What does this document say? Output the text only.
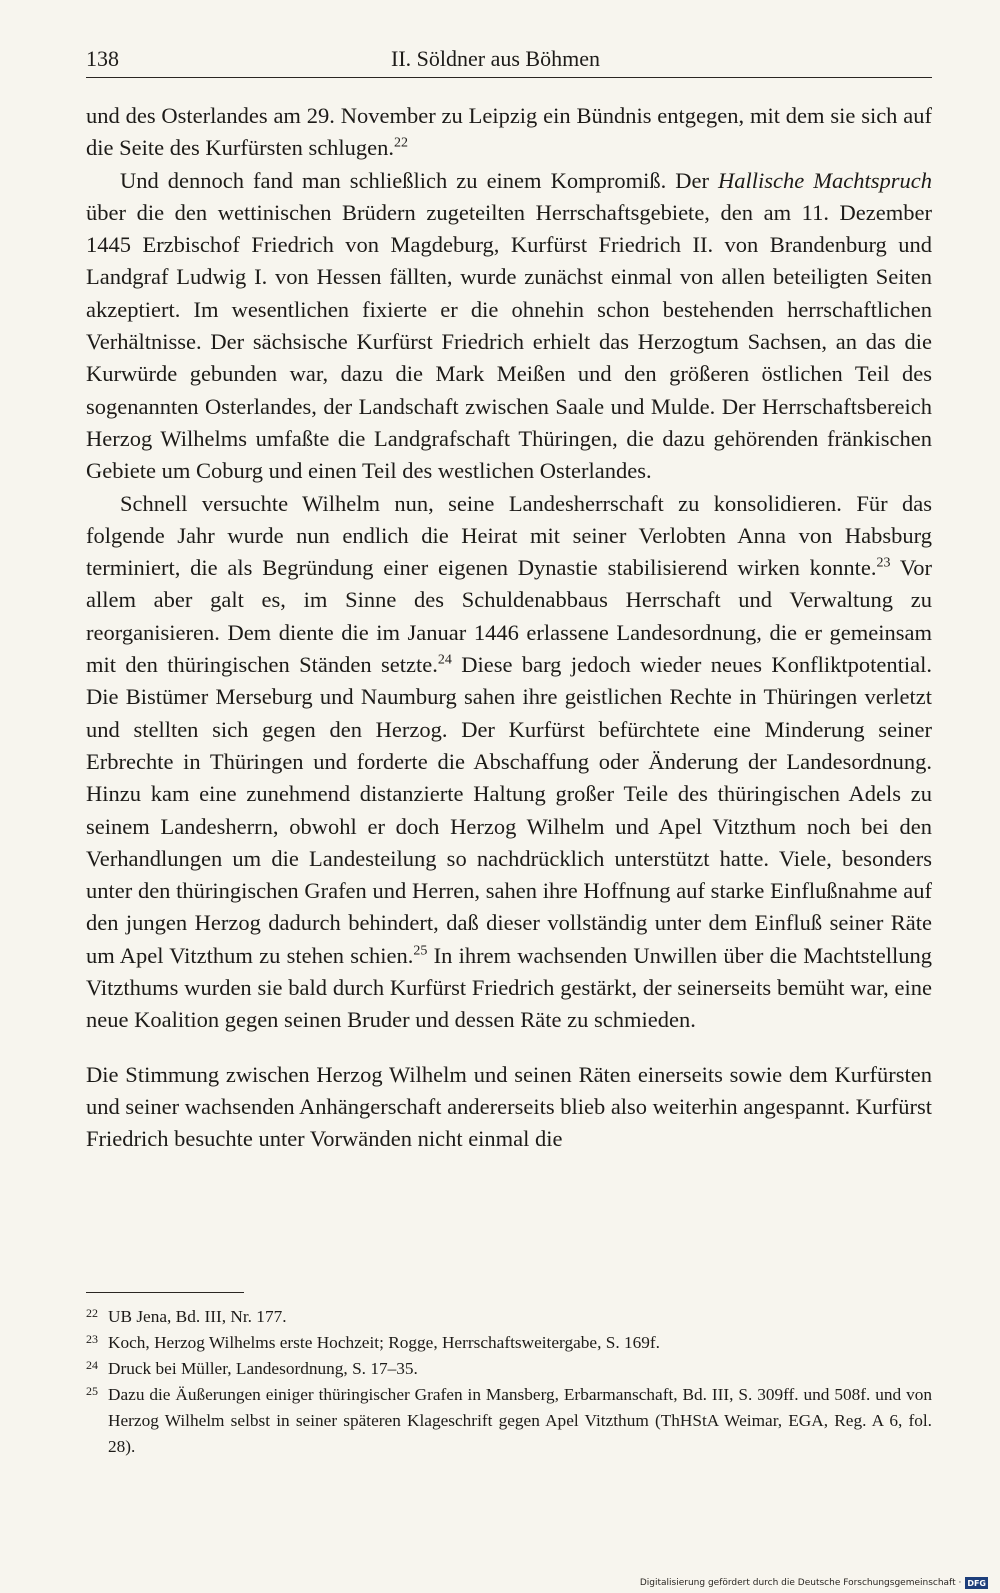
138	II. Söldner aus Böhmen

und des Osterlandes am 29. November zu Leipzig ein Bündnis entgegen, mit dem sie sich auf die Seite des Kurfürsten schlugen.$^{22}$

Und dennoch fand man schließlich zu einem Kompromiß. Der Hallische Machtspruch über die den wettinischen Brüdern zugeteilten Herrschaftsgebiete, den am 11. Dezember 1445 Erzbischof Friedrich von Magdeburg, Kurfürst Friedrich II. von Brandenburg und Landgraf Ludwig I. von Hessen fällten, wurde zunächst einmal von allen beteiligten Seiten akzeptiert. Im wesentlichen fixierte er die ohnehin schon bestehenden herrschaftlichen Verhältnisse. Der sächsische Kurfürst Friedrich erhielt das Herzogtum Sachsen, an das die Kurwürde gebunden war, dazu die Mark Meißen und den größeren östlichen Teil des sogenannten Osterlandes, der Landschaft zwischen Saale und Mulde. Der Herrschaftsbereich Herzog Wilhelms umfaßte die Landgrafschaft Thüringen, die dazu gehörenden fränkischen Gebiete um Coburg und einen Teil des westlichen Osterlandes.

Schnell versuchte Wilhelm nun, seine Landesherrschaft zu konsolidieren. Für das folgende Jahr wurde nun endlich die Heirat mit seiner Verlobten Anna von Habsburg terminiert, die als Begründung einer eigenen Dynastie stabilisierend wirken konnte.$^{23}$ Vor allem aber galt es, im Sinne des Schuldenabbaus Herrschaft und Verwaltung zu reorganisieren. Dem diente die im Januar 1446 erlassene Landesordnung, die er gemeinsam mit den thüringischen Ständen setzte.$^{24}$ Diese barg jedoch wieder neues Konfliktpotential. Die Bistümer Merseburg und Naumburg sahen ihre geistlichen Rechte in Thüringen verletzt und stellten sich gegen den Herzog. Der Kurfürst befürchtete eine Minderung seiner Erbrechte in Thüringen und forderte die Abschaffung oder Änderung der Landesordnung. Hinzu kam eine zunehmend distanzierte Haltung großer Teile des thüringischen Adels zu seinem Landesherrn, obwohl er doch Herzog Wilhelm und Apel Vitzthum noch bei den Verhandlungen um die Landesteilung so nachdrücklich unterstützt hatte. Viele, besonders unter den thüringischen Grafen und Herren, sahen ihre Hoffnung auf starke Einflußnahme auf den jungen Herzog dadurch behindert, daß dieser vollständig unter dem Einfluß seiner Räte um Apel Vitzthum zu stehen schien.$^{25}$ In ihrem wachsenden Unwillen über die Machtstellung Vitzthums wurden sie bald durch Kurfürst Friedrich gestärkt, der seinerseits bemüht war, eine neue Koalition gegen seinen Bruder und dessen Räte zu schmieden.

Die Stimmung zwischen Herzog Wilhelm und seinen Räten einerseits sowie dem Kurfürsten und seiner wachsenden Anhängerschaft andererseits blieb also weiterhin angespannt. Kurfürst Friedrich besuchte unter Vorwänden nicht einmal die

22 UB Jena, Bd. III, Nr. 177.

23 Koch, Herzog Wilhelms erste Hochzeit; Rogge, Herrschaftsweitergabe, S. 169f.

24 Druck bei Müller, Landesordnung, S. 17–35.

25 Dazu die Äußerungen einiger thüringischer Grafen in Mansberg, Erbarmanschaft, Bd. III, S. 309ff. und 508f. und von Herzog Wilhelm selbst in seiner späteren Klageschrift gegen Apel Vitzthum (ThHStA Weimar, EGA, Reg. A 6, fol. 28).

Digitalisierung gefördert durch die Deutsche Forschungsgemeinschaft · DFG
